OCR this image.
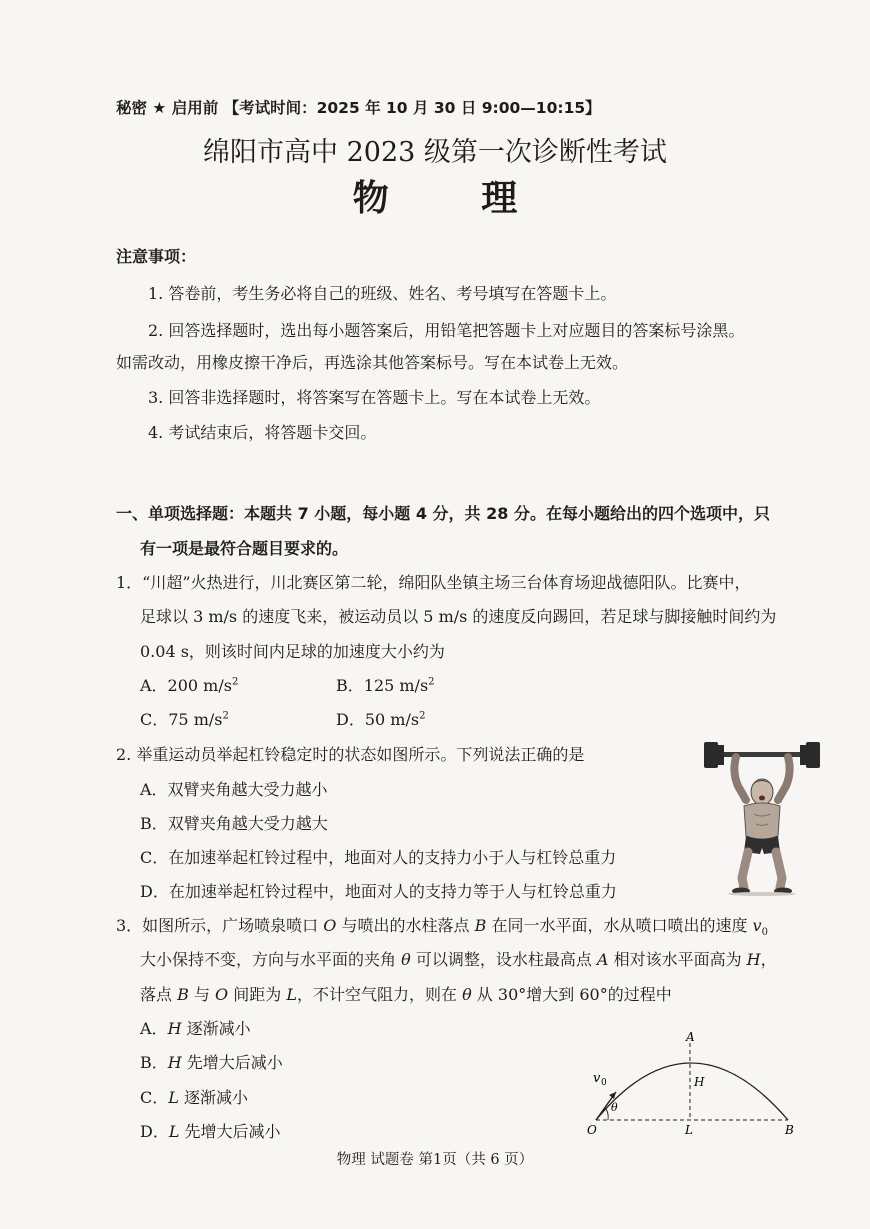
秘密 ★ 启用前 【考试时间：2025 年 10 月 30 日 9:00—10:15】
绵阳市高中 2023 级第一次诊断性考试
物 理
注意事项：
1. 答卷前，考生务必将自己的班级、姓名、考号填写在答题卡上。
2. 回答选择题时，选出每小题答案后，用铅笔把答题卡上对应题目的答案标号涂黑。
如需改动，用橡皮擦干净后，再选涂其他答案标号。写在本试卷上无效。
3. 回答非选择题时，将答案写在答题卡上。写在本试卷上无效。
4. 考试结束后，将答题卡交回。
一、单项选择题：本题共 7 小题，每小题 4 分，共 28 分。在每小题给出的四个选项中，只
有一项是最符合题目要求的。
1．“川超”火热进行，川北赛区第二轮，绵阳队坐镇主场三台体育场迎战德阳队。比赛中，
足球以 3 m/s 的速度飞来，被运动员以 5 m/s 的速度反向踢回，若足球与脚接触时间约为
0.04 s，则该时间内足球的加速度大小约为
A．200 $m/s^2$	B．125 $m/s^2$
C．75 $m/s^2$	D．50 $m/s^2$
2. 举重运动员举起杠铃稳定时的状态如图所示。下列说法正确的是
A．双臂夹角越大受力越小
B．双臂夹角越大受力越大
C．在加速举起杠铃过程中，地面对人的支持力小于人与杠铃总重力
D．在加速举起杠铃过程中，地面对人的支持力等于人与杠铃总重力
3．如图所示，广场喷泉喷口 O 与喷出的水柱落点 B 在同一水平面，水从喷口喷出的速度 $v_0$
大小保持不变，方向与水平面的夹角 θ 可以调整，设水柱最高点 A 相对该水平面高为 H，
落点 B 与 O 间距为 L，不计空气阻力，则在 θ 从 30°增大到 60°的过程中
A．H 逐渐减小
B．H 先增大后减小
C．L 逐渐减小
D．L 先增大后减小
A
H
O	L	B
v 0
θ
物理 试题卷 第1页（共 6 页）
